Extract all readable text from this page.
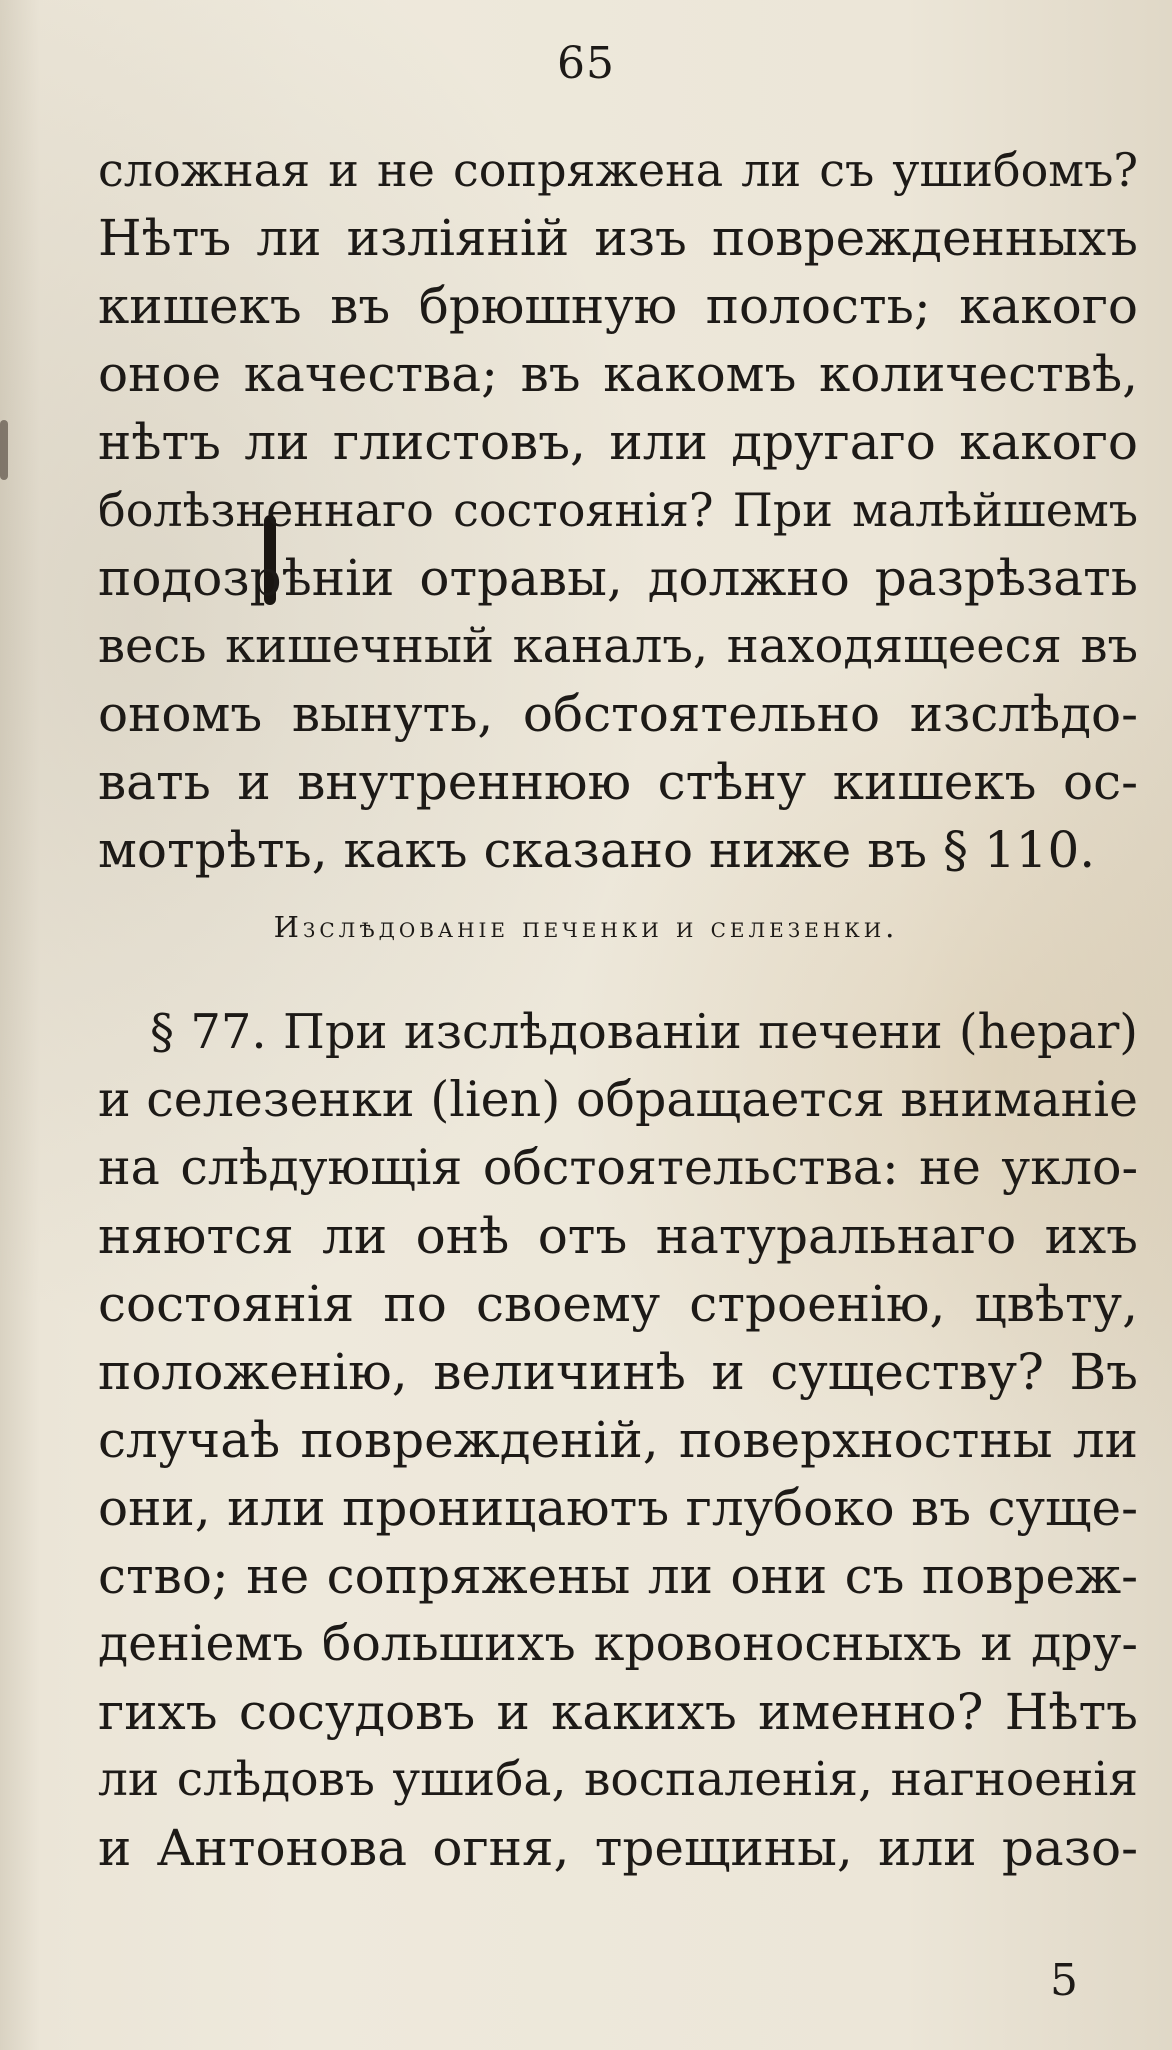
65
сложная и не сопряжена ли съ ушибомъ?
Нѣтъ ли изліяній изъ поврежденныхъ
кишекъ въ брюшную полость; какого
оное качества; въ какомъ количествѣ,
нѣтъ ли глистовъ, или другаго какого
болѣзненнаго состоянія? При малѣйшемъ
подозрѣніи отравы, должно разрѣзать
весь кишечный каналъ, находящееся въ
ономъ вынуть, обстоятельно изслѣдо-
вать и внутреннюю стѣну кишекъ ос-
мотрѣть, какъ сказано ниже въ § 110.
Изслѣдованіе печенки и селезенки.
§ 77. При изслѣдованіи печени (hepar)
и селезенки (lien) обращается вниманіе
на слѣдующія обстоятельства: не укло-
няются ли онѣ отъ натуральнаго ихъ
состоянія по своему строенію, цвѣту,
положенію, величинѣ и существу? Въ
случаѣ поврежденій, поверхностны ли
они, или проницаютъ глубоко въ суще-
ство; не сопряжены ли они съ повреж-
деніемъ большихъ кровоносныхъ и дру-
гихъ сосудовъ и какихъ именно? Нѣтъ
ли слѣдовъ ушиба, воспаленія, нагноенія
и Антонова огня, трещины, или разо-
5
